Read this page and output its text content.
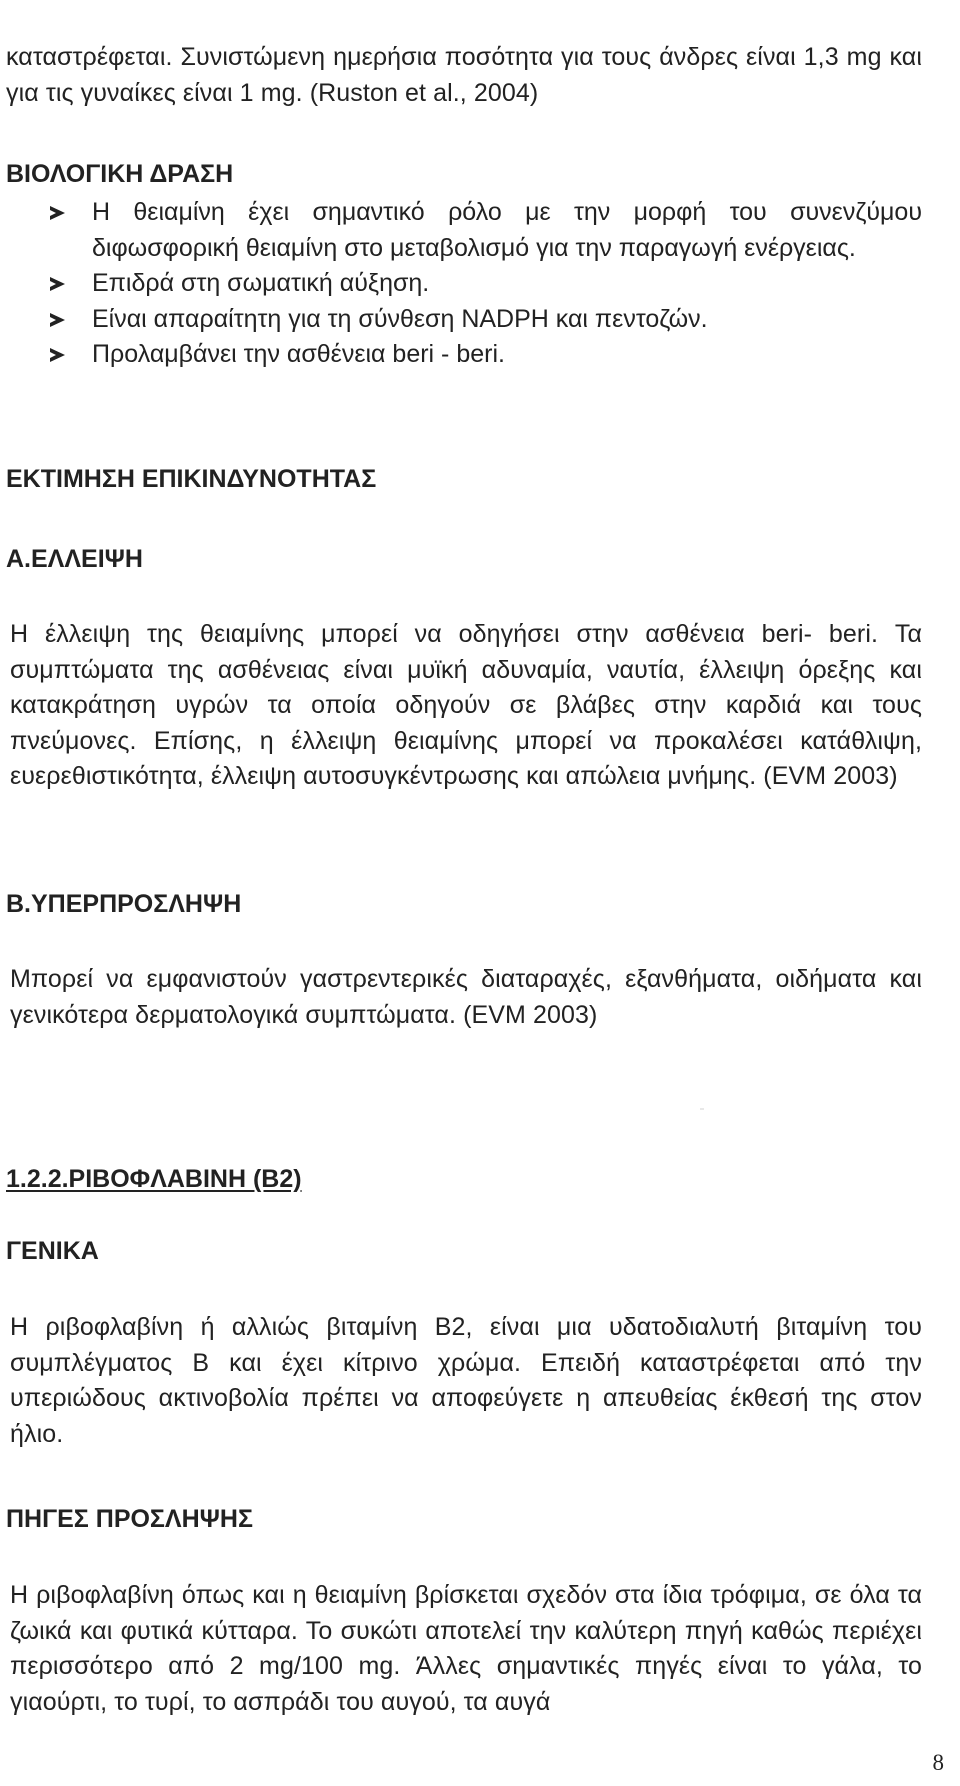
καταστρέφεται. Συνιστώμενη ημερήσια ποσότητα για τους άνδρες είναι 1,3 mg και για τις γυναίκες είναι 1 mg. (Ruston et al., 2004)

ΒΙΟΛΟΓΙΚΗ ΔΡΑΣΗ
Η θειαμίνη έχει σημαντικό ρόλο με την μορφή του συνενζύμου διφωσφορική θειαμίνη στο μεταβολισμό για την παραγωγή ενέργειας.
Επιδρά στη σωματική αύξηση.
Είναι απαραίτητη για τη σύνθεση NADPH και πεντοζών.
Προλαμβάνει την ασθένεια beri - beri.
ΕΚΤΙΜΗΣΗ ΕΠΙΚΙΝΔΥΝΟΤΗΤΑΣ
Α.ΕΛΛΕΙΨΗ

Η έλλειψη της θειαμίνης μπορεί να οδηγήσει στην ασθένεια beri- beri. Τα συμπτώματα της ασθένειας είναι μυϊκή αδυναμία, ναυτία, έλλειψη όρεξης και κατακράτηση υγρών τα οποία οδηγούν σε βλάβες στην καρδιά και τους πνεύμονες. Επίσης, η έλλειψη θειαμίνης μπορεί να προκαλέσει κατάθλιψη, ευερεθιστικότητα, έλλειψη αυτοσυγκέντρωσης και απώλεια μνήμης. (EVM 2003)

Β.ΥΠΕΡΠΡΟΣΛΗΨΗ

Μπορεί να εμφανιστούν γαστρεντερικές διαταραχές, εξανθήματα, οιδήματα και γενικότερα δερματολογικά συμπτώματα. (EVM 2003)

1.2.2.ΡΙΒΟΦΛΑΒΙΝΗ (Β2)
ΓΕΝΙΚΑ

Η ριβοφλαβίνη ή αλλιώς βιταμίνη Β2, είναι μια υδατοδιαλυτή βιταμίνη του συμπλέγματος Β και έχει κίτρινο χρώμα. Επειδή καταστρέφεται από την υπεριώδους ακτινοβολία πρέπει να αποφεύγετε η απευθείας έκθεσή της στον ήλιο.

ΠΗΓΕΣ ΠΡΟΣΛΗΨΗΣ

Η ριβοφλαβίνη όπως και η θειαμίνη βρίσκεται σχεδόν στα ίδια τρόφιμα, σε όλα τα ζωικά και φυτικά κύτταρα. Το συκώτι αποτελεί την καλύτερη πηγή καθώς περιέχει περισσότερο από 2 mg/100 mg. Άλλες σημαντικές πηγές είναι το γάλα, το γιαούρτι, το τυρί, το ασπράδι του αυγού, τα αυγά

8
